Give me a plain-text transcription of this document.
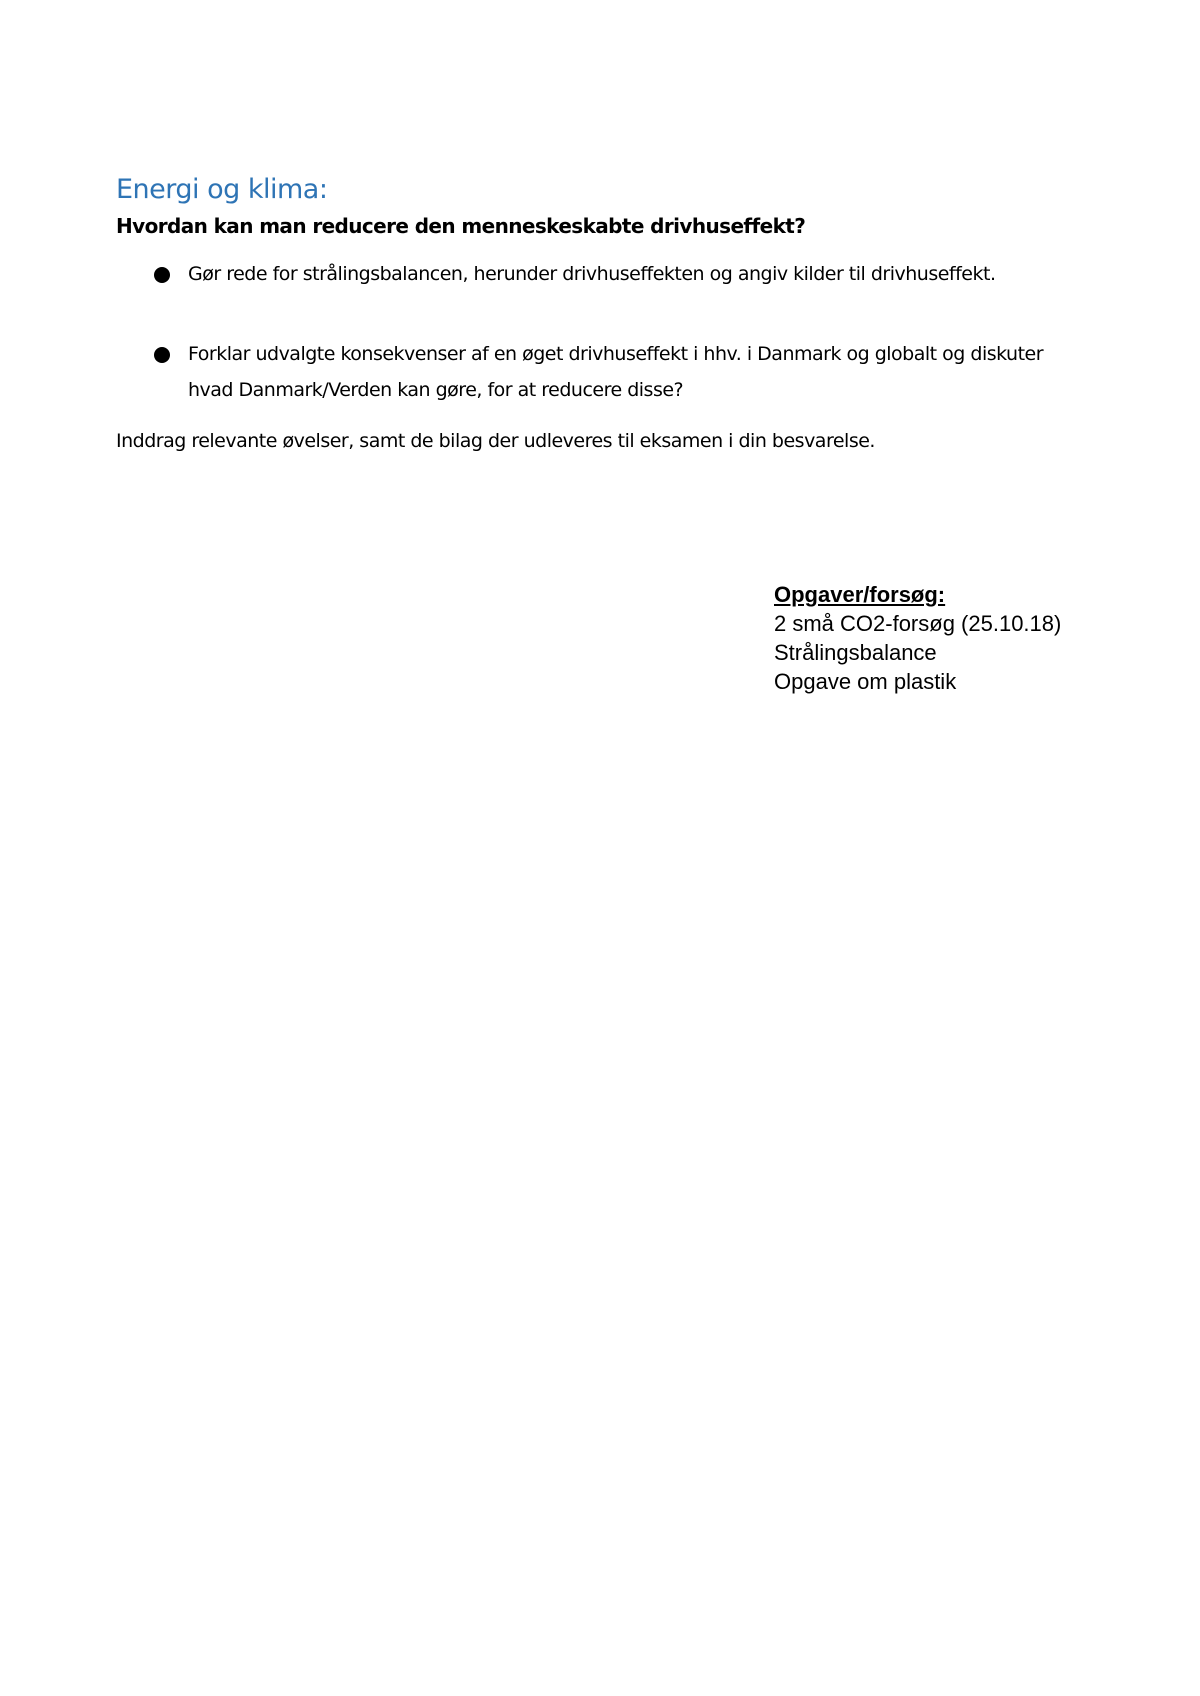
Energi og klima:

Hvordan kan man reducere den menneskeskabte drivhuseffekt?

Gør rede for strålingsbalancen, herunder drivhuseffekten og angiv kilder til drivhuseffekt.
Forklar udvalgte konsekvenser af en øget drivhuseffekt i hhv. i Danmark og globalt og diskuter hvad Danmark/Verden kan gøre, for at reducere disse?

Inddrag relevante øvelser, samt de bilag der udleveres til eksamen i din besvarelse.

Opgaver/forsøg:
2 små CO2-forsøg (25.10.18)
Strålingsbalance
Opgave om plastik
